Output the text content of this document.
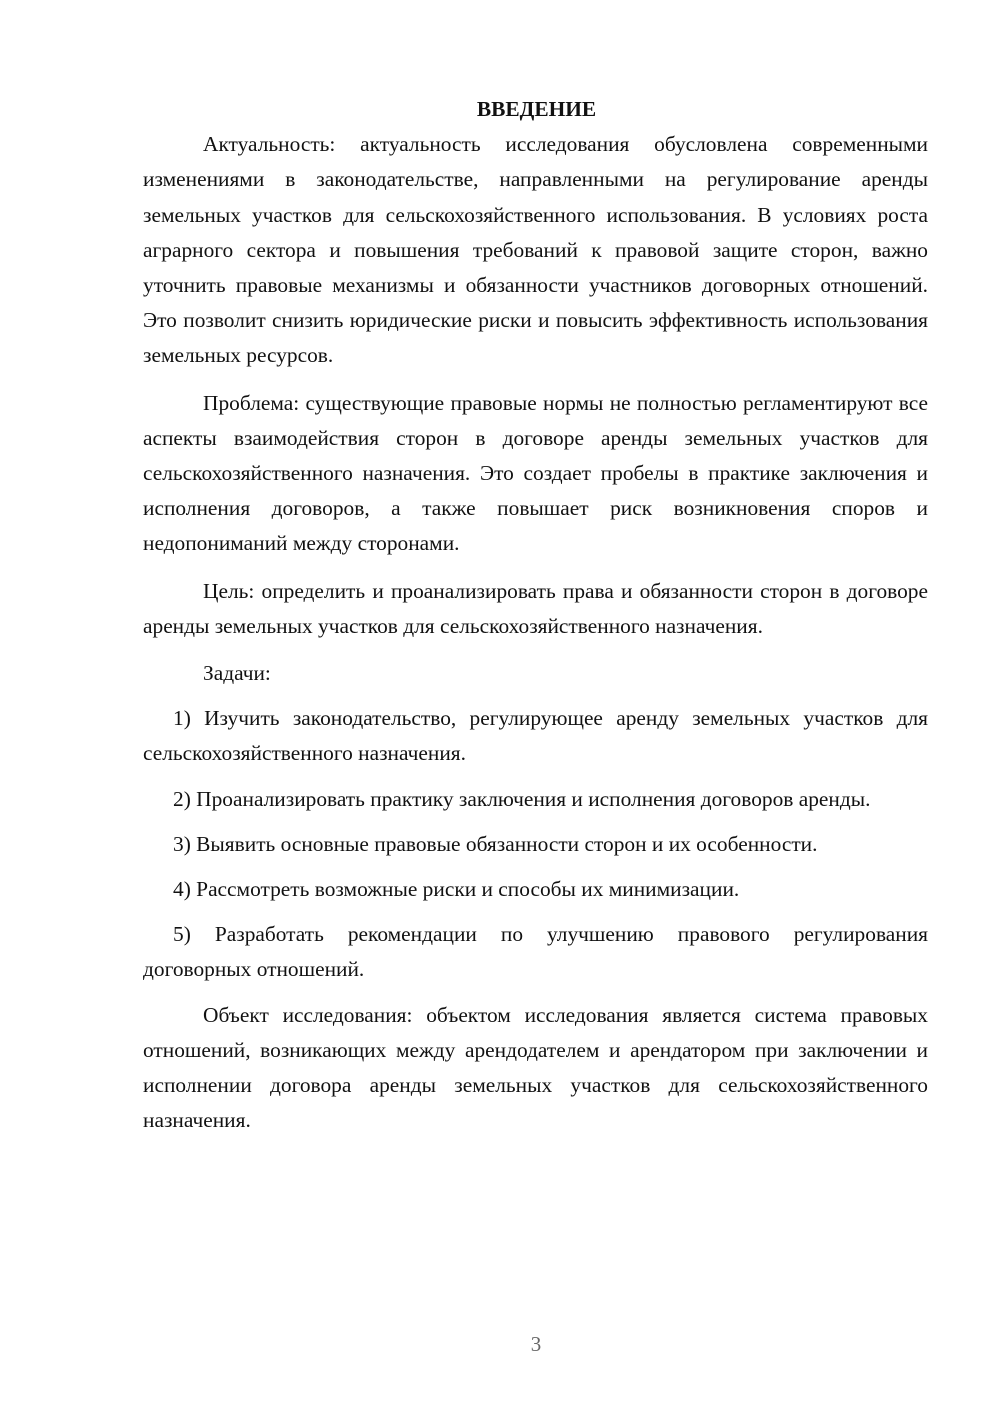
ВВЕДЕНИЕ

Актуальность: актуальность исследования обусловлена современными изменениями в законодательстве, направленными на регулирование аренды земельных участков для сельскохозяйственного использования. В условиях роста аграрного сектора и повышения требований к правовой защите сторон, важно уточнить правовые механизмы и обязанности участников договорных отношений. Это позволит снизить юридические риски и повысить эффективность использования земельных ресурсов.

Проблема: существующие правовые нормы не полностью регламентируют все аспекты взаимодействия сторон в договоре аренды земельных участков для сельскохозяйственного назначения. Это создает пробелы в практике заключения и исполнения договоров, а также повышает риск возникновения споров и недопониманий между сторонами.

Цель: определить и проанализировать права и обязанности сторон в договоре аренды земельных участков для сельскохозяйственного назначения.

Задачи:

1) Изучить законодательство, регулирующее аренду земельных участков для сельскохозяйственного назначения.

2) Проанализировать практику заключения и исполнения договоров аренды.

3) Выявить основные правовые обязанности сторон и их особенности.

4) Рассмотреть возможные риски и способы их минимизации.

5) Разработать рекомендации по улучшению правового регулирования договорных отношений.

Объект исследования: объектом исследования является система правовых отношений, возникающих между арендодателем и арендатором при заключении и исполнении договора аренды земельных участков для сельскохозяйственного назначения.

3
